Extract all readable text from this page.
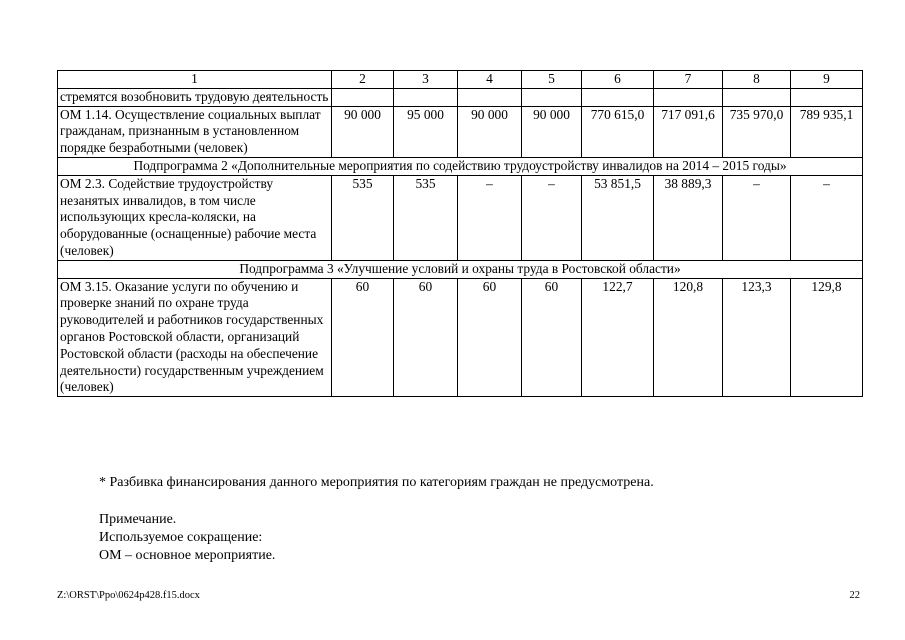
1	2	3	4	5	6	7	8	9
стремятся возобновить трудовую деятельность								
ОМ 1.14. Осуществление социальных выплат гражданам, признанным в установленном порядке безработными (человек)	90 000	95 000	90 000	90 000	770 615,0	717 091,6	735 970,0	789 935,1
Подпрограмма 2 «Дополнительные мероприятия по содействию трудоустройству инвалидов на 2014 – 2015 годы»								
ОМ 2.3. Содействие трудоустройству незанятых инвалидов, в том числе использующих кресла-коляски, на оборудованные (оснащенные) рабочие места (человек)	535	535	–	–	53 851,5	38 889,3	–	–
Подпрограмма 3 «Улучшение условий и охраны труда в Ростовской области»								
ОМ 3.15. Оказание услуги по обучению и проверке знаний по охране труда руководителей и работников государственных органов Ростовской области, организаций Ростовской области (расходы на обеспечение деятельности) государственным учреждением (человек)	60	60	60	60	122,7	120,8	123,3	129,8
* Разбивка финансирования данного мероприятия по категориям граждан не предусмотрена.
Примечание.
Используемое сокращение:
ОМ – основное мероприятие.
Z:\ORST\Ppo\0624p428.f15.docx	22
